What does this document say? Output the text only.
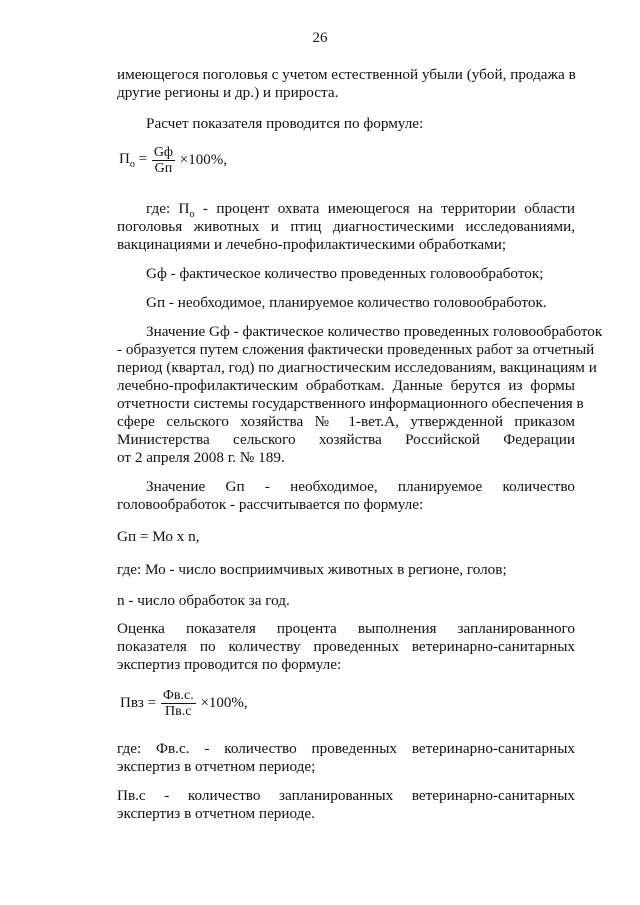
26
имеющегося поголовья с учетом естественной убыли (убой, продажа в
другие регионы и др.) и прироста.
Расчет показателя проводится по формуле:
$П_о = \frac{Gф}{Gп} \times 100\%$,
где: $П_о$ - процент охвата имеющегося на территории области
поголовья животных и птиц диагностическими исследованиями,
вакцинациями и лечебно-профилактическими обработками;
Gф - фактическое количество проведенных головообработок;
Gп - необходимое, планируемое количество головообработок.
Значение Gф - фактическое количество проведенных головообработок
- образуется путем сложения фактически проведенных работ за отчетный
период (квартал, год) по диагностическим исследованиям, вакцинациям и
лечебно-профилактическим обработкам. Данные берутся из формы
отчетности системы государственного информационного обеспечения в
сфере сельского хозяйства № 1-вет.А, утвержденной приказом
Министерства сельского хозяйства Российской Федерации
от 2 апреля 2008 г. № 189.
Значение Gп - необходимое, планируемое количество
головообработок - рассчитывается по формуле:
Gп = Мо х n,
где: Мо - число восприимчивых животных в регионе, голов;
n - число обработок за год.
Оценка показателя процента выполнения запланированного
показателя по количеству проведенных ветеринарно-санитарных
экспертиз проводится по формуле:
Пвз = $\frac{Фв.с.}{Пв.с} \times 100\%$,
где: Фв.с. - количество проведенных ветеринарно-санитарных
экспертиз в отчетном периоде;
Пв.с - количество запланированных ветеринарно-санитарных
экспертиз в отчетном периоде.
